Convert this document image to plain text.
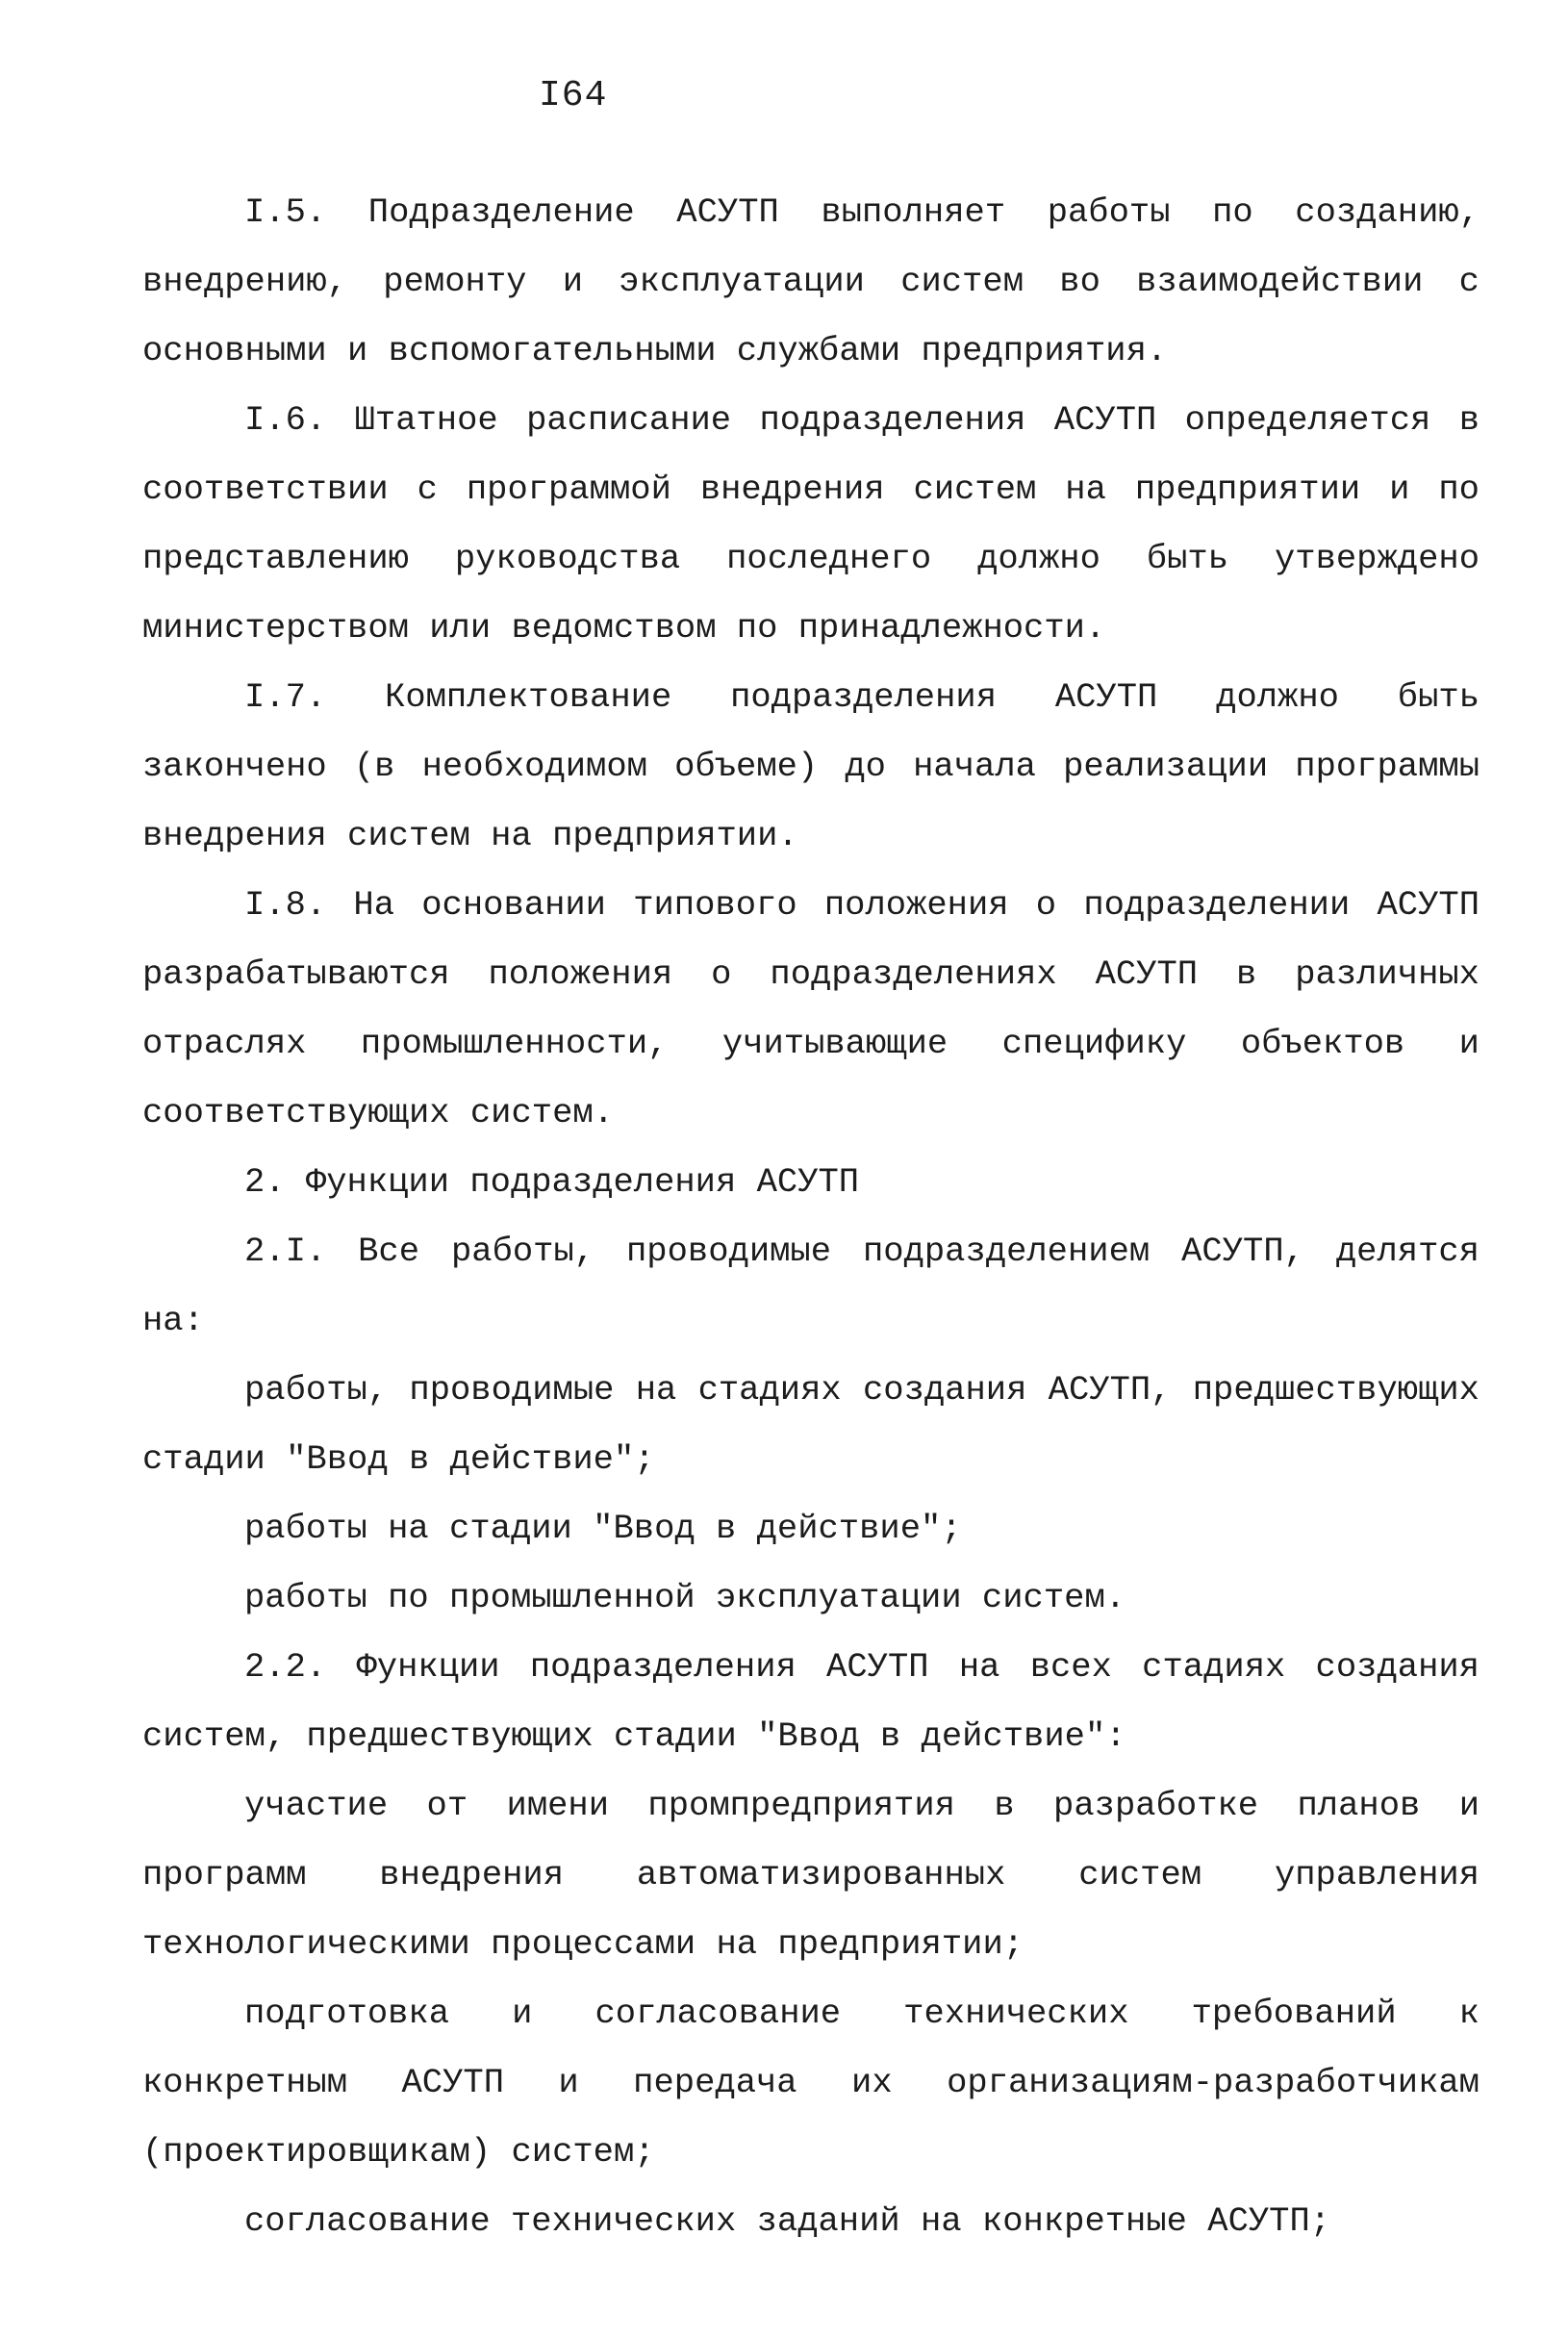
I64

I.5. Подразделение АСУТП выполняет работы по созданию, внедрению, ремонту и эксплуатации систем во взаимодействии с основными и вспомогательными службами предприятия.

I.6. Штатное расписание подразделения АСУТП определяется в соответствии с программой внедрения систем на предприятии и по представлению руководства последнего должно быть утверждено министерством или ведомством по принадлежности.

I.7. Комплектование подразделения АСУТП должно быть закончено (в необходимом объеме) до начала реализации программы внедрения систем на предприятии.

I.8. На основании типового положения о подразделении АСУТП разрабатываются положения о подразделениях АСУТП в различных отраслях промышленности, учитывающие специфику объектов и соответствующих систем.

2. Функции подразделения АСУТП

2.I. Все работы, проводимые подразделением АСУТП, делятся на:

работы, проводимые на стадиях создания АСУТП, предшествующих стадии "Ввод в действие";

работы на стадии "Ввод в действие";

работы по промышленной эксплуатации систем.

2.2. Функции подразделения АСУТП на всех стадиях создания систем, предшествующих стадии "Ввод в действие":

участие от имени промпредприятия в разработке планов и программ внедрения автоматизированных систем управления технологическими процессами на предприятии;

подготовка и согласование технических требований к конкретным АСУТП и передача их организациям-разработчикам (проектировщикам) систем;

согласование технических заданий на конкретные АСУТП;
